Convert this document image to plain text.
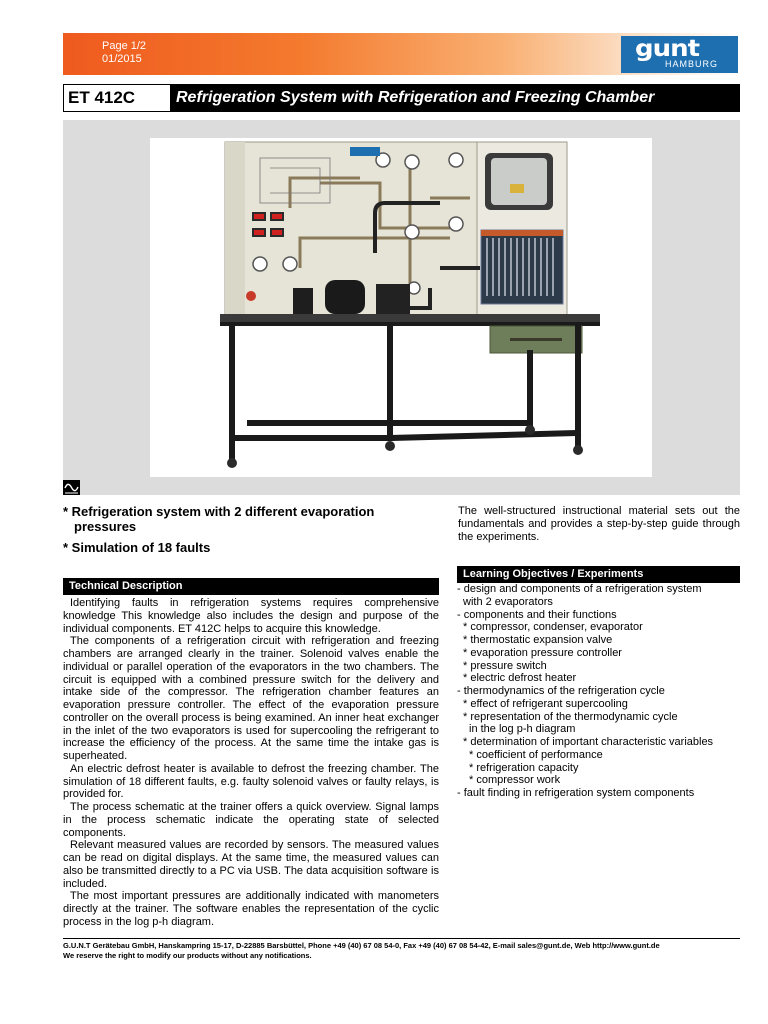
Page 1/2
01/2015	gunt
HAMBURG
ET 412C	Refrigeration System with Refrigeration and Freezing Chamber
* Refrigeration system with 2 different evaporation pressures
* Simulation of 18 faults
The well-structured instructional material sets out the fundamentals and provides a step-by-step guide through the experiments.
Technical Description

Identifying faults in refrigeration systems requires comprehensive knowledge This knowledge also includes the design and purpose of the individual components. ET 412C helps to acquire this knowledge.

The components of a refrigeration circuit with refrigeration and freezing chambers are arranged clearly in the trainer. Solenoid valves enable the individual or parallel operation of the evaporators in the two chambers. The circuit is equipped with a combined pressure switch for the delivery and intake side of the compressor. The refrigeration chamber features an evaporation pressure controller. The effect of the evaporation pressure controller on the overall process is being examined. An inner heat exchanger in the inlet of the two evaporators is used for supercooling the refrigerant to increase the efficiency of the process. At the same time the intake gas is superheated.

An electric defrost heater is available to defrost the freezing chamber. The simulation of 18 different faults, e.g. faulty solenoid valves or faulty relays, is provided for.

The process schematic at the trainer offers a quick overview. Signal lamps in the process schematic indicate the operating state of selected components.

Relevant measured values are recorded by sensors. The measured values can be read on digital displays. At the same time, the measured values can also be transmitted directly to a PC via USB. The data acquisition software is included.

The most important pressures are additionally indicated with manometers directly at the trainer. The software enables the representation of the cyclic process in the log p-h diagram.

Learning Objectives / Experiments
- design and components of a refrigeration system
with 2 evaporators
- components and their functions
* compressor, condenser, evaporator
* thermostatic expansion valve
* evaporation pressure controller
* pressure switch
* electric defrost heater
- thermodynamics of the refrigeration cycle
* effect of refrigerant supercooling
* representation of the thermodynamic cycle
in the log p-h diagram
* determination of important characteristic variables
* coefficient of performance
* refrigeration capacity
* compressor work
- fault finding in refrigeration system components
G.U.N.T Gerätebau GmbH, Hanskampring 15-17, D-22885 Barsbüttel, Phone +49 (40) 67 08 54-0, Fax +49 (40) 67 08 54-42, E-mail sales@gunt.de, Web http://www.gunt.de
We reserve the right to modify our products without any notifications.
